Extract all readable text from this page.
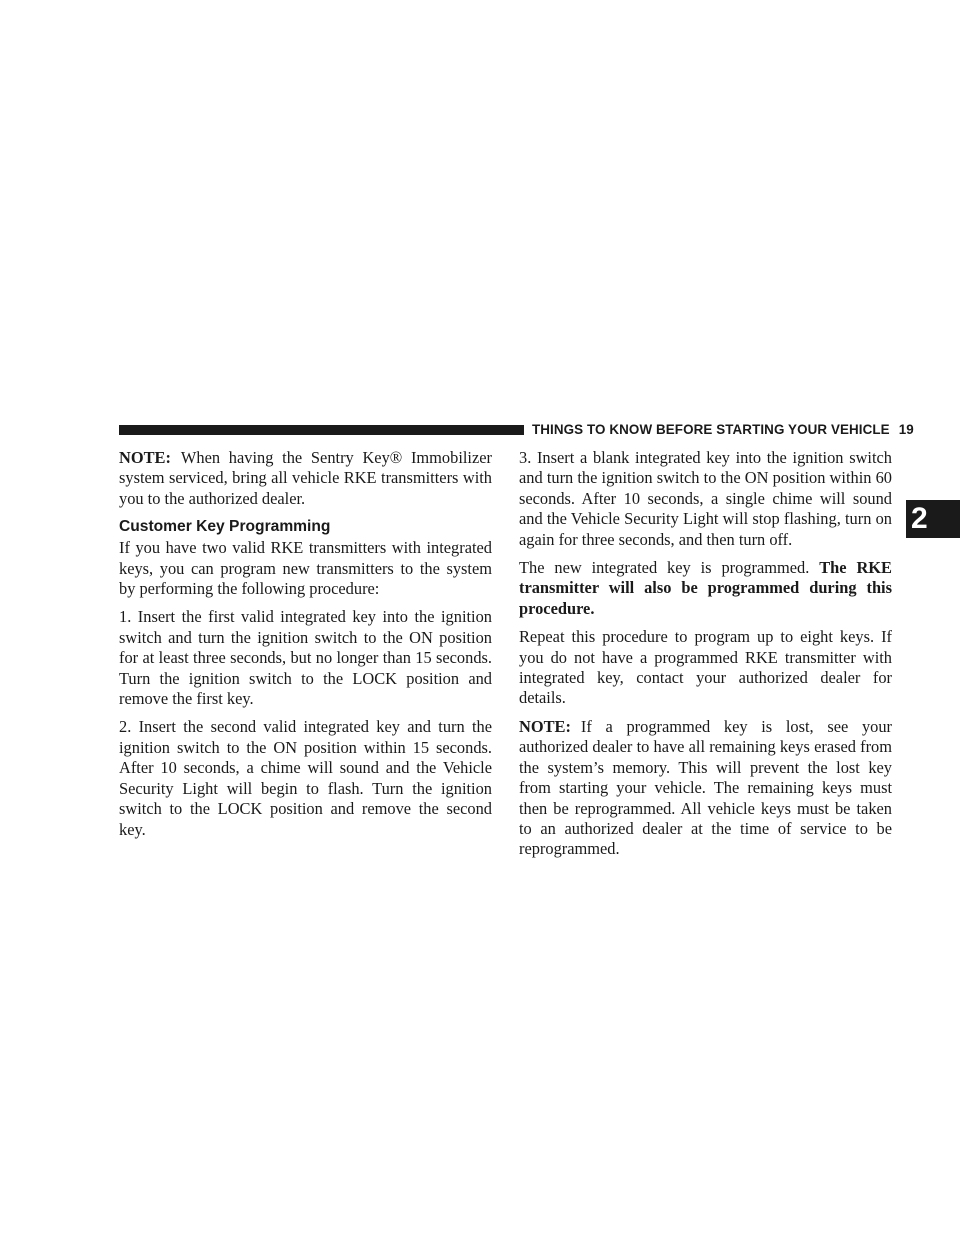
THINGS TO KNOW BEFORE STARTING YOUR VEHICLE 19
2

NOTE: When having the Sentry Key® Immobilizer system serviced, bring all vehicle RKE transmitters with you to the authorized dealer.

Customer Key Programming

If you have two valid RKE transmitters with integrated keys, you can program new transmitters to the system by performing the following procedure:

1. Insert the first valid integrated key into the ignition switch and turn the ignition switch to the ON position for at least three seconds, but no longer than 15 seconds. Turn the ignition switch to the LOCK position and remove the first key.

2. Insert the second valid integrated key and turn the ignition switch to the ON position within 15 seconds. After 10 seconds, a chime will sound and the Vehicle Security Light will begin to flash. Turn the ignition switch to the LOCK position and remove the second key.

3. Insert a blank integrated key into the ignition switch and turn the ignition switch to the ON position within 60 seconds. After 10 seconds, a single chime will sound and the Vehicle Security Light will stop flashing, turn on again for three seconds, and then turn off.

The new integrated key is programmed. The RKE transmitter will also be programmed during this procedure.

Repeat this procedure to program up to eight keys. If you do not have a programmed RKE transmitter with integrated key, contact your authorized dealer for details.

NOTE: If a programmed key is lost, see your authorized dealer to have all remaining keys erased from the system’s memory. This will prevent the lost key from starting your vehicle. The remaining keys must then be reprogrammed. All vehicle keys must be taken to an authorized dealer at the time of service to be reprogrammed.
